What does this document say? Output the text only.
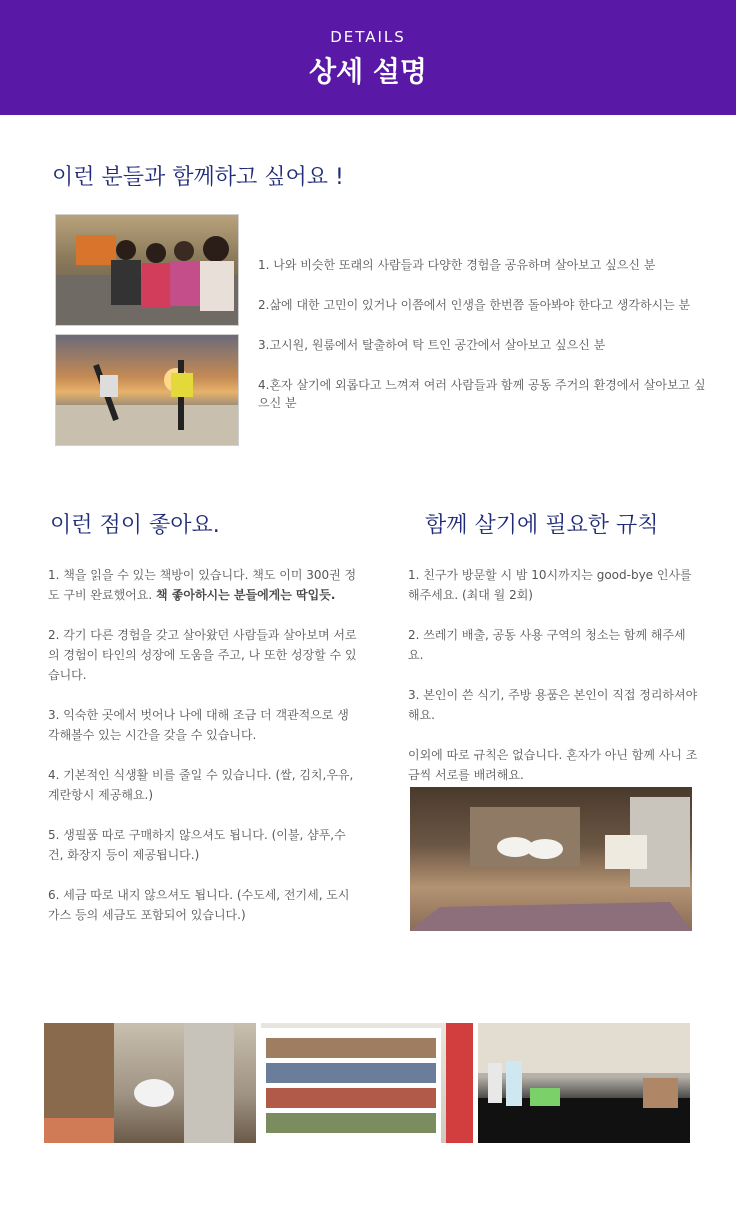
DETAILS
상세 설명
이런 분들과 함께하고 싶어요 !
1. 나와 비슷한 또래의 사람들과 다양한 경험을 공유하며 살아보고 싶으신 분
2.삶에 대한 고민이 있거나 이쯤에서 인생을 한번쯤 돌아봐야 한다고 생각하시는 분
3.고시원, 원룸에서 탈출하여 탁 트인 공간에서 살아보고 싶으신 분
4.혼자 살기에 외롭다고 느껴져 여러 사람들과 함께 공동 주거의 환경에서 살아보고 싶으신 분
이런 점이 좋아요.	함께 살기에 필요한 규칙

1. 책을 읽을 수 있는 책방이 있습니다. 책도 이미 300권 정도 구비 완료했어요. 책 좋아하시는 분들에게는 딱입듯.

2. 각기 다른 경험을 갖고 살아왔던 사람들과 살아보며 서로의 경험이 타인의 성장에 도움을 주고, 나 또한 성장할 수 있습니다.

3. 익숙한 곳에서 벗어나 나에 대해 조금 더 객관적으로 생각해볼수 있는 시간을 갖을 수 있습니다.

4. 기본적인 식생활 비를 줄일 수 있습니다. (쌀, 김치,우유, 계란항시 제공해요.)

5. 생필품 따로 구매하지 않으셔도 됩니다. (이불, 샴푸,수건, 화장지 등이 제공됩니다.)

6. 세금 따로 내지 않으셔도 됩니다. (수도세, 전기세, 도시가스 등의 세금도 포함되어 있습니다.)

1. 친구가 방문할 시 밤 10시까지는 good-bye 인사를 해주세요. (최대 월 2회)

2. 쓰레기 배출, 공동 사용 구역의 청소는 함께 해주세요.

3. 본인이 쓴 식기, 주방 용품은 본인이 직접 정리하셔야 해요.

이외에 따로 규칙은 없습니다. 혼자가 아닌 함께 사니 조금씩 서로를 배려해요.
